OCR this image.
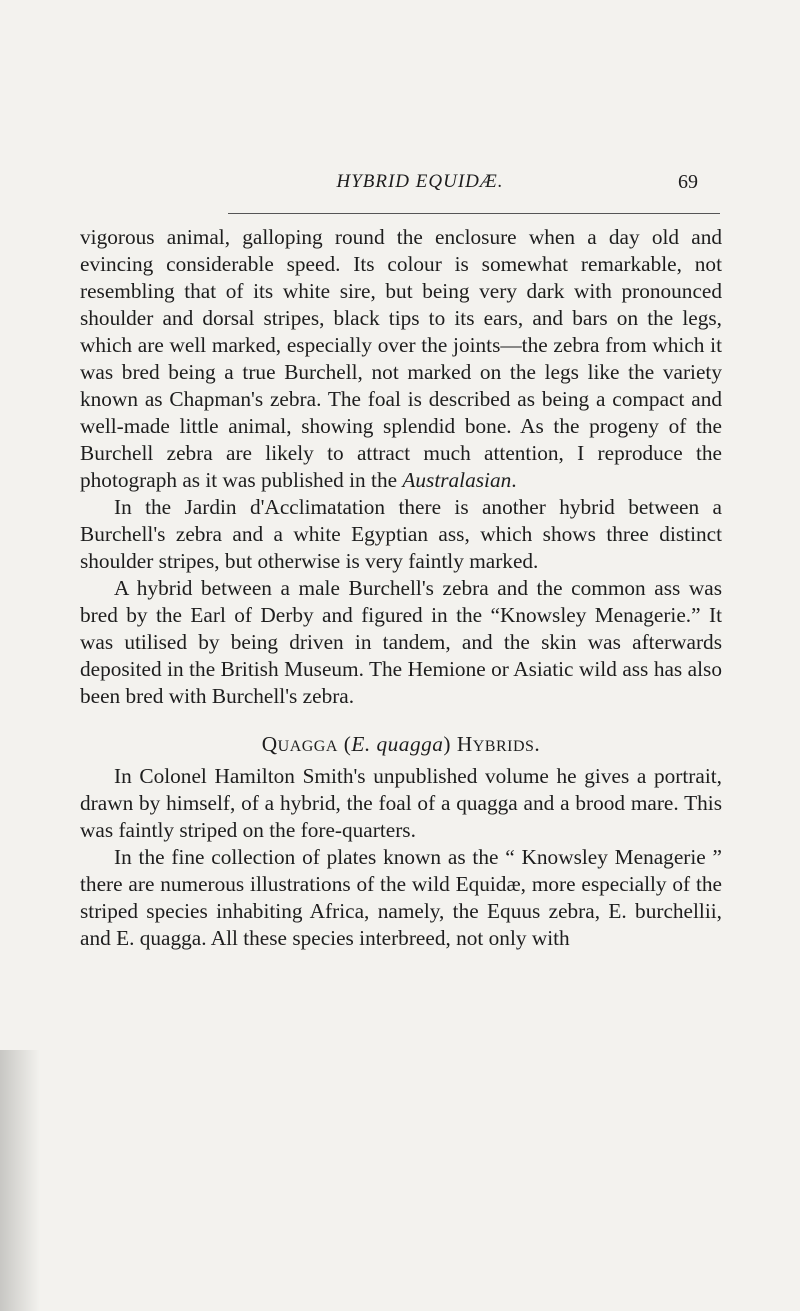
HYBRID EQUIDÆ.	69

vigorous animal, galloping round the enclosure when a day old and evincing considerable speed. Its colour is somewhat remarkable, not resembling that of its white sire, but being very dark with pronounced shoulder and dorsal stripes, black tips to its ears, and bars on the legs, which are well marked, especially over the joints—the zebra from which it was bred being a true Burchell, not marked on the legs like the variety known as Chapman's zebra. The foal is described as being a compact and well-made little animal, showing splendid bone. As the progeny of the Burchell zebra are likely to attract much attention, I reproduce the photograph as it was published in the Australasian.

In the Jardin d'Acclimatation there is another hybrid between a Burchell's zebra and a white Egyptian ass, which shows three distinct shoulder stripes, but otherwise is very faintly marked.

A hybrid between a male Burchell's zebra and the common ass was bred by the Earl of Derby and figured in the “Knowsley Menagerie.” It was utilised by being driven in tandem, and the skin was afterwards deposited in the British Museum. The Hemione or Asiatic wild ass has also been bred with Burchell's zebra.

QUAGGA (E. quagga) HYBRIDS.

In Colonel Hamilton Smith's unpublished volume he gives a portrait, drawn by himself, of a hybrid, the foal of a quagga and a brood mare. This was faintly striped on the fore-quarters.

In the fine collection of plates known as the “ Knowsley Menagerie ” there are numerous illustrations of the wild Equidæ, more especially of the striped species inhabiting Africa, namely, the Equus zebra, E. burchellii, and E. quagga. All these species interbreed, not only with
